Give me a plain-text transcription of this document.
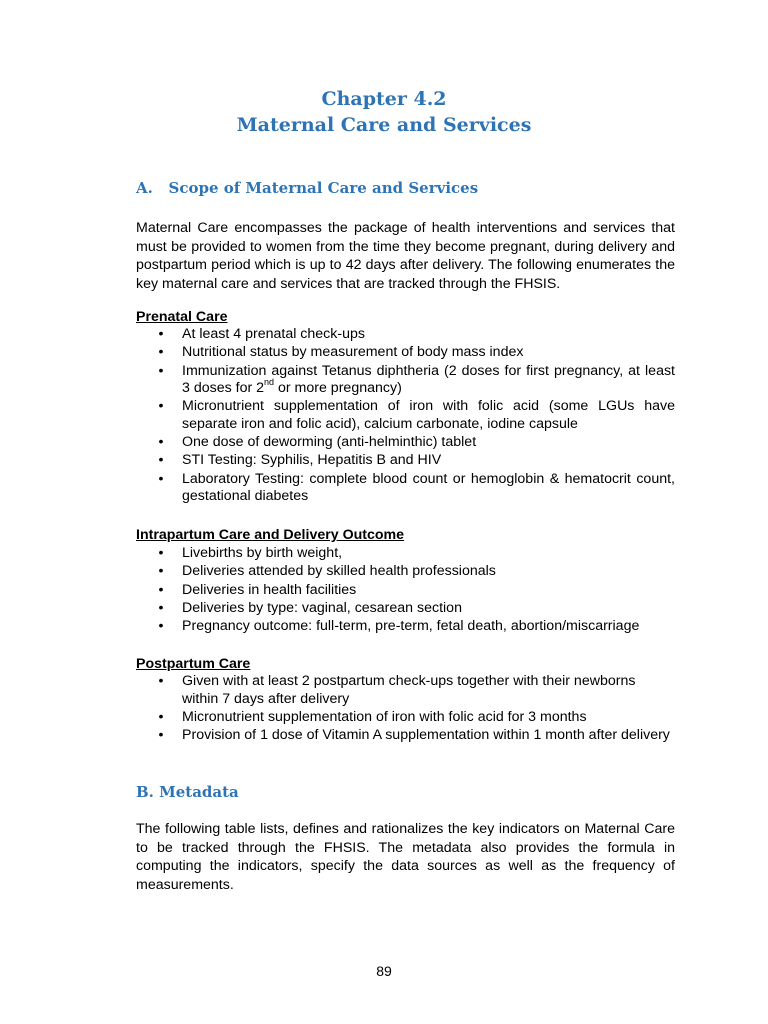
Chapter 4.2
Maternal Care and Services
A.   Scope of Maternal Care and Services

Maternal Care encompasses the package of health interventions and services that must be provided to women from the time they become pregnant, during delivery and postpartum period which is up to 42 days after delivery. The following enumerates the key maternal care and services that are tracked through the FHSIS.

Prenatal Care
• At least 4 prenatal check-ups
• Nutritional status by measurement of body mass index
• Immunization against Tetanus diphtheria (2 doses for first pregnancy, at least 3 doses for 2nd or more pregnancy)
• Micronutrient supplementation of iron with folic acid (some LGUs have separate iron and folic acid), calcium carbonate, iodine capsule
• One dose of deworming (anti-helminthic) tablet
• STI Testing: Syphilis, Hepatitis B and HIV
• Laboratory Testing: complete blood count or hemoglobin & hematocrit count, gestational diabetes
Intrapartum Care and Delivery Outcome
• Livebirths by birth weight,
• Deliveries attended by skilled health professionals
• Deliveries in health facilities
• Deliveries by type: vaginal, cesarean section
• Pregnancy outcome: full-term, pre-term, fetal death, abortion/miscarriage
Postpartum Care
• Given with at least 2 postpartum check-ups together with their newborns within 7 days after delivery
• Micronutrient supplementation of iron with folic acid for 3 months
• Provision of 1 dose of Vitamin A supplementation within 1 month after delivery
B. Metadata

The following table lists, defines and rationalizes the key indicators on Maternal Care to be tracked through the FHSIS. The metadata also provides the formula in computing the indicators, specify the data sources as well as the frequency of measurements.

89
